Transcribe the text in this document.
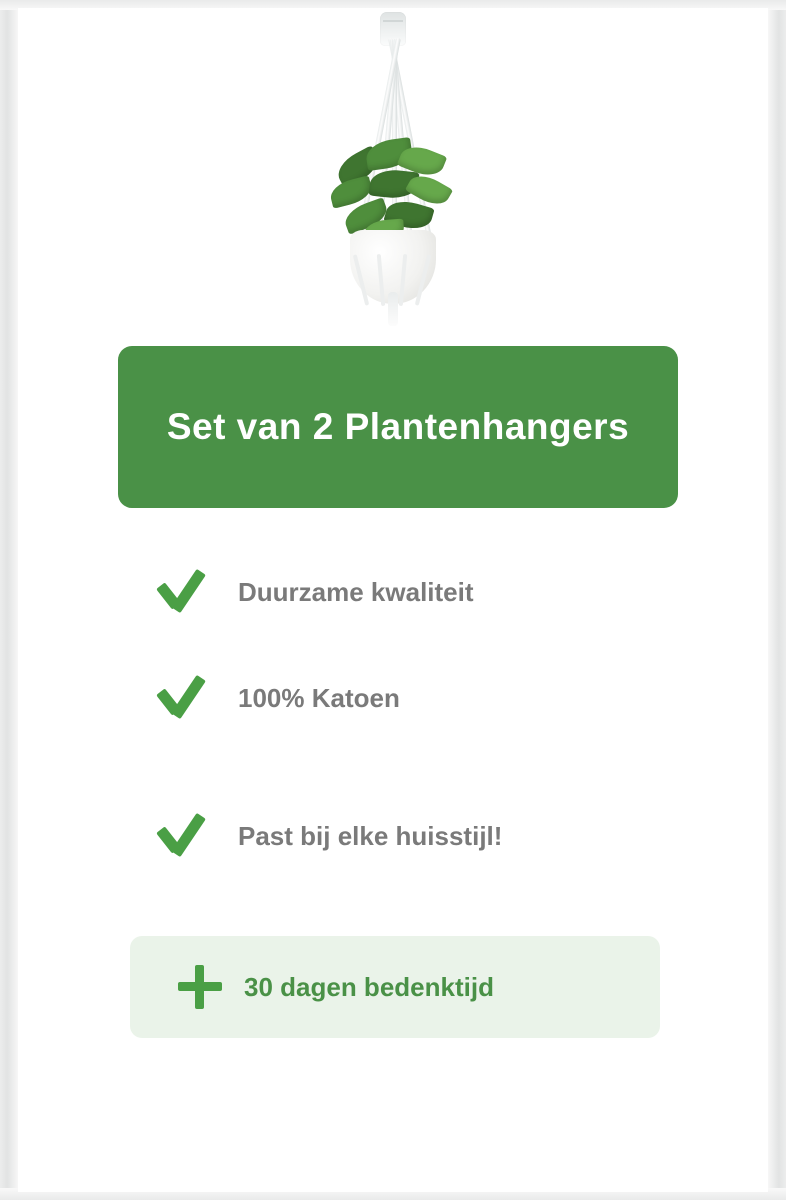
Set van 2 Plantenhangers
Duurzame kwaliteit
100% Katoen
Past bij elke huisstijl!
30 dagen bedenktijd
